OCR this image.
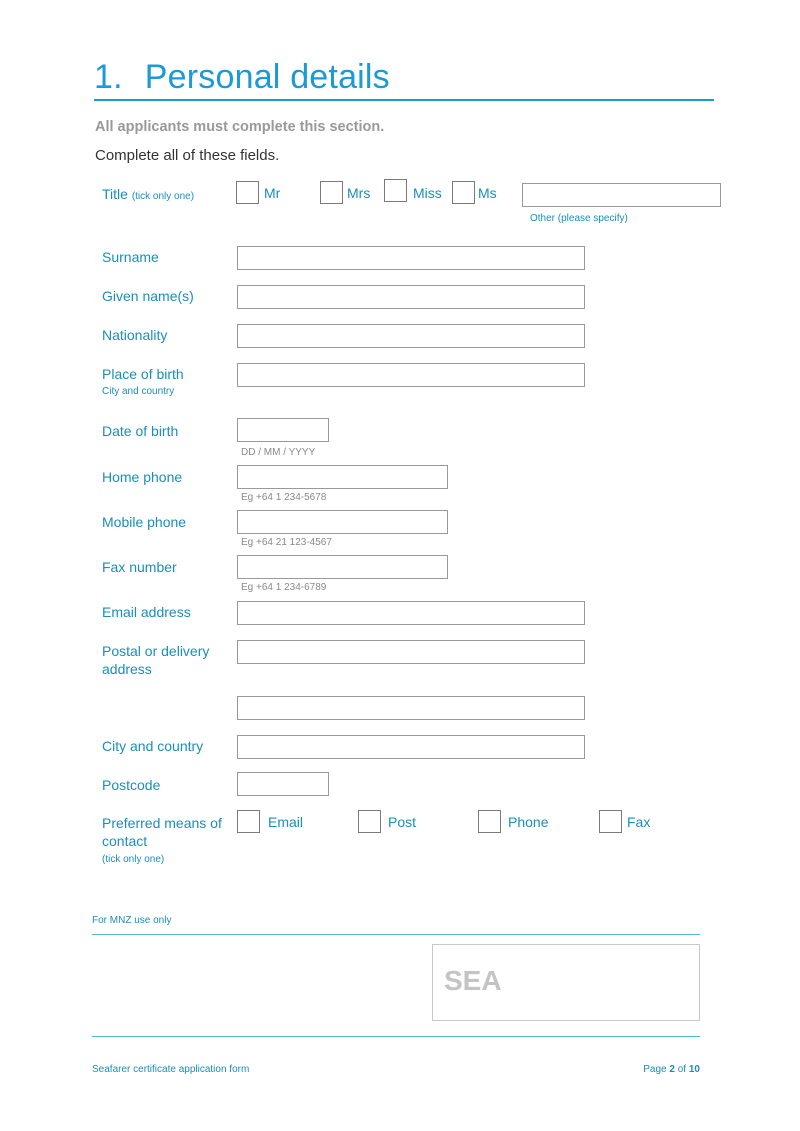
1. Personal details
All applicants must complete this section.
Complete all of these fields.
Title (tick only one)	Mr	Mrs	Miss	Ms
Other (please specify)
Surname
Given name(s)
Nationality
Place of birth
City and country
Date of birth
DD / MM / YYYY
Home phone
Eg +64 1 234-5678
Mobile phone
Eg +64 21 123-4567
Fax number
Eg +64 1 234-6789
Email address
Postal or delivery
address
City and country
Postcode
Preferred means of
contact
(tick only one)
Email	Post	Phone	Fax
For MNZ use only
SEA
Seafarer certificate application form	Page 2 of 10
